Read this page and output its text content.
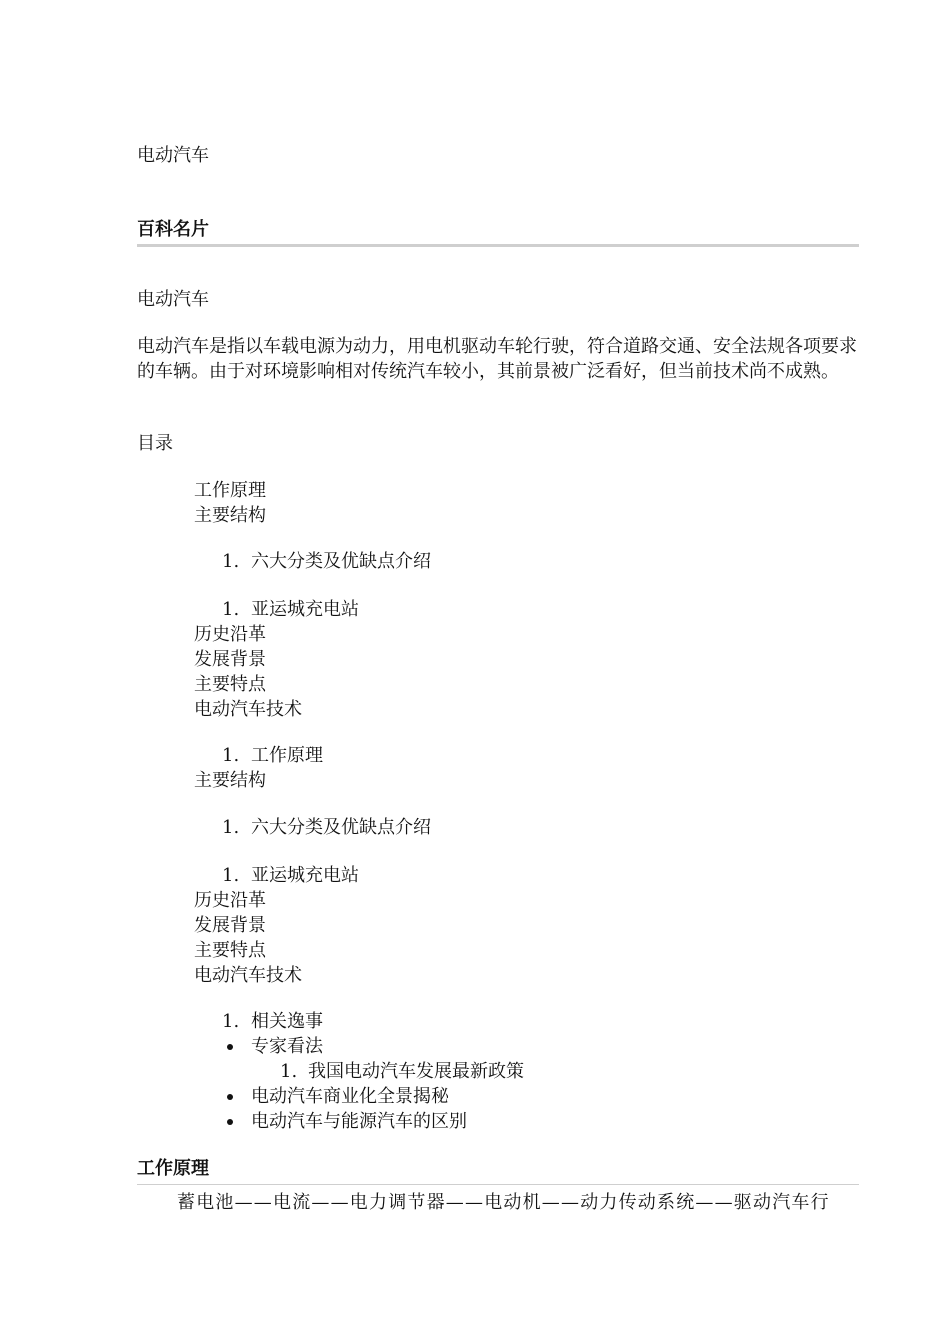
电动汽车
百科名片

电动汽车

电动汽车是指以车载电源为动力，用电机驱动车轮行驶，符合道路交通、安全法规各项要求的车辆。由于对环境影响相对传统汽车较小，其前景被广泛看好，但当前技术尚不成熟。

目录

工作原理
主要结构
1. 六大分类及优缺点介绍
1. 亚运城充电站
历史沿革
发展背景
主要特点
电动汽车技术
1. 工作原理
主要结构
1. 六大分类及优缺点介绍
1. 亚运城充电站
历史沿革
发展背景
主要特点
电动汽车技术
1. 相关逸事
专家看法
1. 我国电动汽车发展最新政策
电动汽车商业化全景揭秘
电动汽车与能源汽车的区别
工作原理
蓄电池——电流——电力调节器——电动机——动力传动系统——驱动汽车行
